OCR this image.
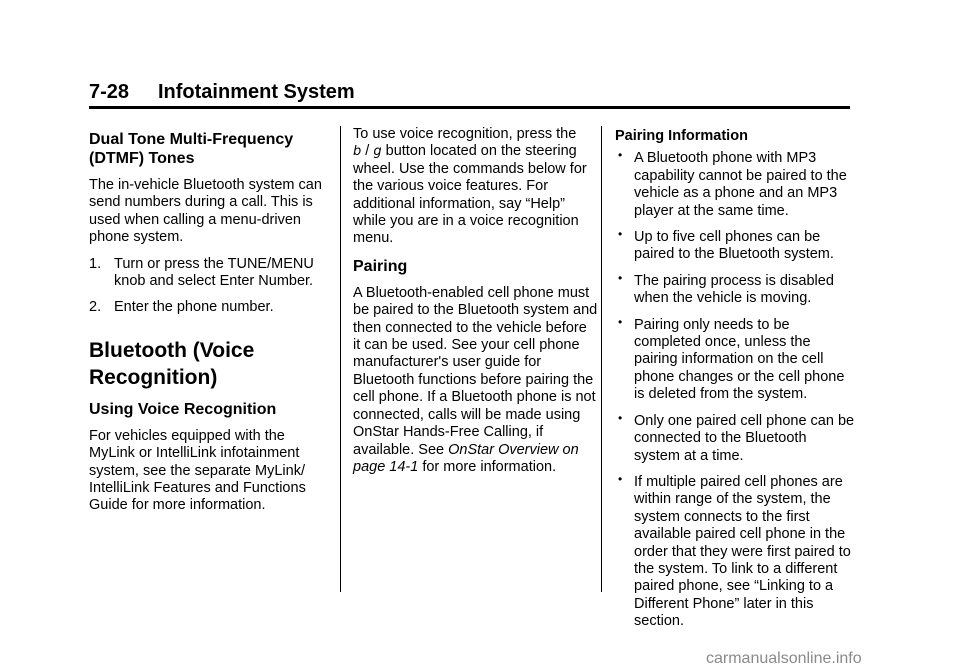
7-28 Infotainment System
Dual Tone Multi-Frequency (DTMF) Tones

The in-vehicle Bluetooth system can send numbers during a call. This is used when calling a menu-driven phone system.

1. Turn or press the TUNE/MENU knob and select Enter Number.
2. Enter the phone number.
Bluetooth (Voice Recognition)
Using Voice Recognition

For vehicles equipped with the MyLink or IntelliLink infotainment system, see the separate MyLink/ IntelliLink Features and Functions Guide for more information.

To use voice recognition, press the
b / g button located on the steering wheel. Use the commands below for the various voice features. For additional information, say “Help” while you are in a voice recognition menu.

Pairing

A Bluetooth-enabled cell phone must be paired to the Bluetooth system and then connected to the vehicle before it can be used. See your cell phone manufacturer's user guide for Bluetooth functions before pairing the cell phone. If a Bluetooth phone is not connected, calls will be made using OnStar Hands-Free Calling, if available. See OnStar Overview on page 14-1 for more information.

Pairing Information
• A Bluetooth phone with MP3 capability cannot be paired to the vehicle as a phone and an MP3 player at the same time.
• Up to five cell phones can be paired to the Bluetooth system.
• The pairing process is disabled when the vehicle is moving.
• Pairing only needs to be completed once, unless the pairing information on the cell phone changes or the cell phone is deleted from the system.
• Only one paired cell phone can be connected to the Bluetooth system at a time.
• If multiple paired cell phones are within range of the system, the system connects to the first available paired cell phone in the order that they were first paired to the system. To link to a different paired phone, see “Linking to a Different Phone” later in this section.
carmanualsonline.info
